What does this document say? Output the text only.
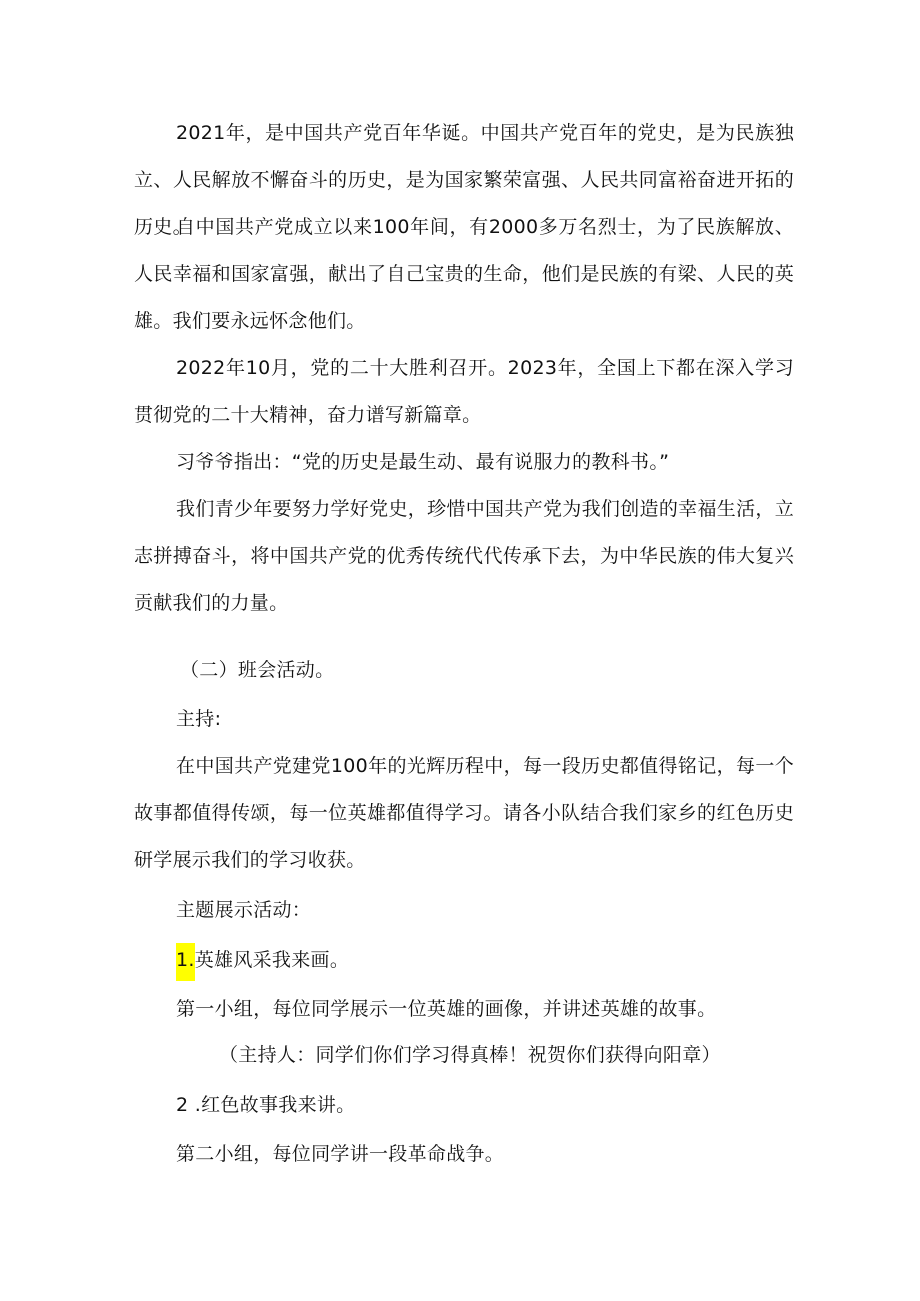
2021年，是中国共产党百年华诞。中国共产党百年的党史，是为民族独立、人民解放不懈奋斗的历史，是为国家繁荣富强、人民共同富裕奋进开拓的历史。

自中国共产党成立以来100年间，有2000多万名烈士，为了民族解放、人民幸福和国家富强，献出了自己宝贵的生命，他们是民族的有梁、人民的英雄。我们要永远怀念他们。

2022年10月，党的二十大胜利召开。2023年，全国上下都在深入学习贯彻党的二十大精神，奋力谱写新篇章。

习爷爷指出：“党的历史是最生动、最有说服力的教科书。”

我们青少年要努力学好党史，珍惜中国共产党为我们创造的幸福生活，立志拼搏奋斗，将中国共产党的优秀传统代代传承下去，为中华民族的伟大复兴贡献我们的力量。

（二）班会活动。

主持:

在中国共产党建党100年的光辉历程中，每一段历史都值得铭记，每一个故事都值得传颂，每一位英雄都值得学习。请各小队结合我们家乡的红色历史研学展示我们的学习收获。

主题展示活动：

1.英雄风采我来画。

第一小组，每位同学展示一位英雄的画像，并讲述英雄的故事。

（主持人：同学们你们学习得真棒！祝贺你们获得向阳章）

2 .红色故事我来讲。

第二小组，每位同学讲一段革命战争。
